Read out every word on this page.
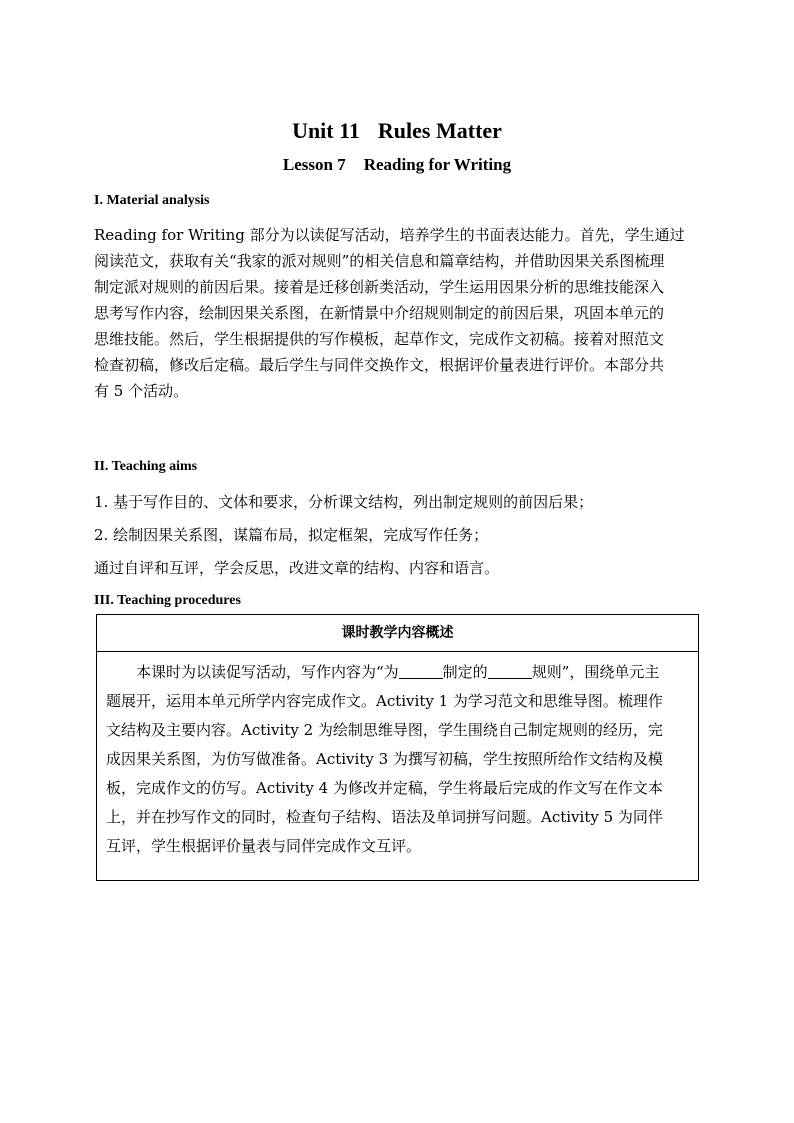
Unit 11 Rules Matter
Lesson 7 Reading for Writing
I. Material analysis

Reading for Writing 部分为以读促写活动，培养学生的书面表达能力。首先，学生通过

阅读范文，获取有关“我家的派对规则”的相关信息和篇章结构，并借助因果关系图梳理

制定派对规则的前因后果。接着是迁移创新类活动，学生运用因果分析的思维技能深入

思考写作内容，绘制因果关系图，在新情景中介绍规则制定的前因后果，巩固本单元的

思维技能。然后，学生根据提供的写作模板，起草作文，完成作文初稿。接着对照范文

检查初稿，修改后定稿。最后学生与同伴交换作文，根据评价量表进行评价。本部分共

有 5 个活动。

II. Teaching aims
1. 基于写作目的、文体和要求，分析课文结构，列出制定规则的前因后果；
2. 绘制因果关系图，谋篇布局，拟定框架，完成写作任务；
通过自评和互评，学会反思，改进文章的结构、内容和语言。
III. Teaching procedures
课时教学内容概述

本课时为以读促写活动，写作内容为“为	制定的	规则”，围绕单元主

题展开，运用本单元所学内容完成作文。Activity 1 为学习范文和思维导图。梳理作

文结构及主要内容。Activity 2 为绘制思维导图，学生围绕自己制定规则的经历，完

成因果关系图，为仿写做准备。Activity 3 为撰写初稿，学生按照所给作文结构及模

板，完成作文的仿写。Activity 4 为修改并定稿，学生将最后完成的作文写在作文本

上，并在抄写作文的同时，检查句子结构、语法及单词拼写问题。Activity 5 为同伴

互评，学生根据评价量表与同伴完成作文互评。
